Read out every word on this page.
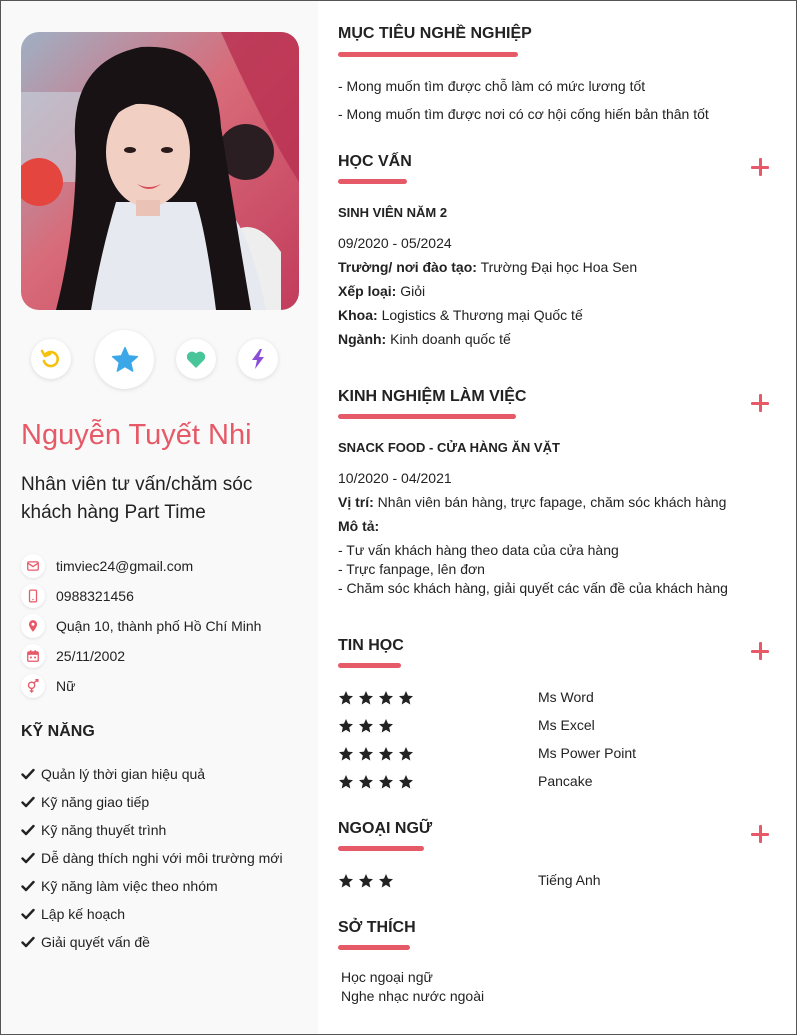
Nguyễn Tuyết Nhi
Nhân viên tư vấn/chăm sóc khách hàng Part Time
timviec24@gmail.com
0988321456
Quận 10, thành phố Hồ Chí Minh
25/11/2002
Nữ
KỸ NĂNG
Quản lý thời gian hiệu quả
Kỹ năng giao tiếp
Kỹ năng thuyết trình
Dễ dàng thích nghi với môi trường mới
Kỹ năng làm việc theo nhóm
Lập kế hoạch
Giải quyết vấn đề
MỤC TIÊU NGHỀ NGHIỆP
- Mong muốn tìm được chỗ làm có mức lương tốt
- Mong muốn tìm được nơi có cơ hội cống hiến bản thân tốt
HỌC VẤN
SINH VIÊN NĂM 2
09/2020 - 05/2024
Trường/ nơi đào tạo: Trường Đại học Hoa Sen
Xếp loại: Giỏi
Khoa: Logistics & Thương mại Quốc tế
Ngành: Kinh doanh quốc tế
KINH NGHIỆM LÀM VIỆC
SNACK FOOD - CỬA HÀNG ĂN VẶT
10/2020 - 04/2021
Vị trí: Nhân viên bán hàng, trực fapage, chăm sóc khách hàng
Mô tả:
- Tư vấn khách hàng theo data của cửa hàng
- Trực fanpage, lên đơn
- Chăm sóc khách hàng, giải quyết các vấn đề của khách hàng
TIN HỌC
Ms Word
Ms Excel
Ms Power Point
Pancake
NGOẠI NGỮ
Tiếng Anh
SỞ THÍCH
Học ngoại ngữ
Nghe nhạc nước ngoài
